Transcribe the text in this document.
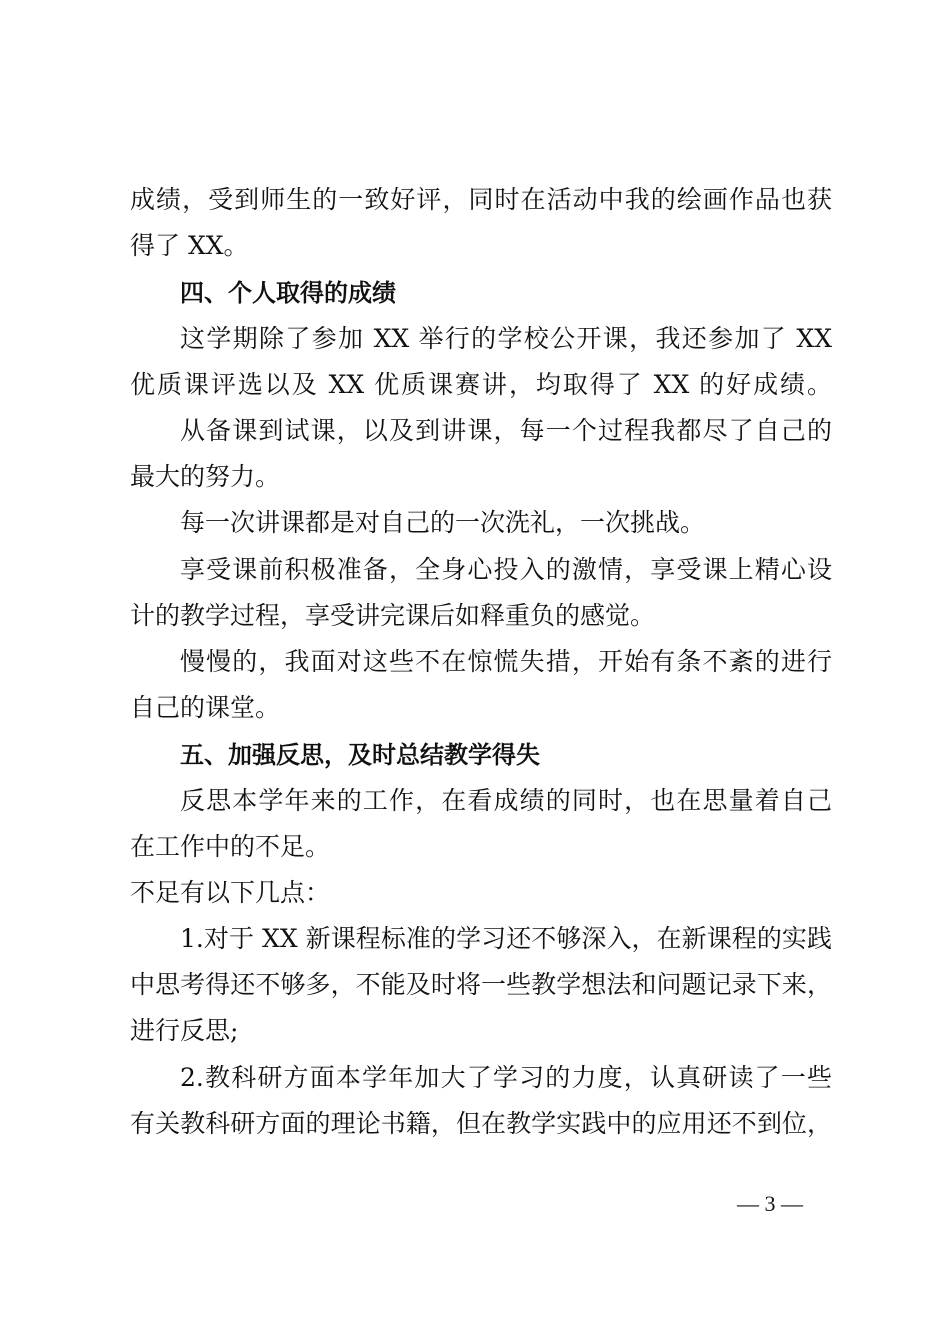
成绩，受到师生的一致好评，同时在活动中我的绘画作品也获
得了 XX。
四、个人取得的成绩
这学期除了参加 XX 举行的学校公开课，我还参加了 XX
优质课评选以及 XX 优质课赛讲，均取得了 XX 的好成绩。
从备课到试课，以及到讲课，每一个过程我都尽了自己的
最大的努力。
每一次讲课都是对自己的一次洗礼，一次挑战。
享受课前积极准备，全身心投入的激情，享受课上精心设
计的教学过程，享受讲完课后如释重负的感觉。
慢慢的，我面对这些不在惊慌失措，开始有条不紊的进行
自己的课堂。
五、加强反思，及时总结教学得失
反思本学年来的工作，在看成绩的同时，也在思量着自己
在工作中的不足。
不足有以下几点：
1.对于 XX 新课程标准的学习还不够深入，在新课程的实践
中思考得还不够多，不能及时将一些教学想法和问题记录下来，
进行反思;
2.教科研方面本学年加大了学习的力度，认真研读了一些
有关教科研方面的理论书籍，但在教学实践中的应用还不到位，
— 3 —
